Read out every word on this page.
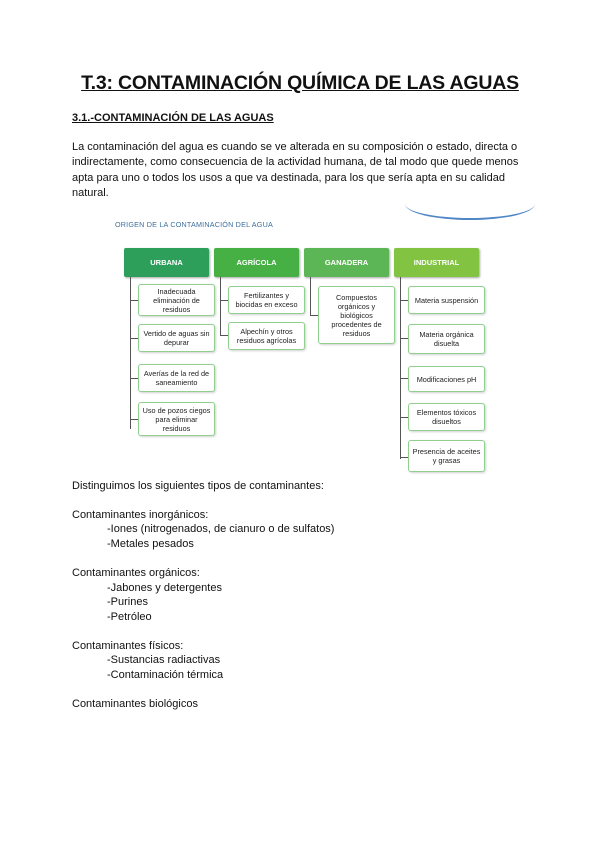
T.3: CONTAMINACIÓN QUÍMICA DE LAS AGUAS
3.1.-CONTAMINACIÓN DE LAS AGUAS

La contaminación del agua es cuando se ve alterada en su composición o estado, directa o indirectamente, como consecuencia de la actividad humana, de tal modo que quede menos apta para uno o todos los usos a que va destinada, para los que sería apta en su calidad natural.

ORIGEN DE LA CONTAMINACIÓN DEL AGUA
URBANA	AGRÍCOLA	GANADERA	INDUSTRIAL
Inadecuada eliminación de residuos
Vertido de aguas sin depurar
Averías de la red de saneamiento
Uso de pozos ciegos para eliminar residuos
Fertilizantes y biocidas en exceso
Alpechín y otros residuos agrícolas
Compuestos orgánicos y biológicos procedentes de residuos
Materia suspensión
Materia orgánica disuelta
Modificaciones pH
Elementos tóxicos disueltos
Presencia de aceites y grasas
Distinguimos los siguientes tipos de contaminantes:
Contaminantes inorgánicos:
-Iones (nitrogenados, de cianuro o de sulfatos)
-Metales pesados
Contaminantes orgánicos:
-Jabones y detergentes
-Purines
-Petróleo
Contaminantes físicos:
-Sustancias radiactivas
-Contaminación térmica
Contaminantes biológicos
